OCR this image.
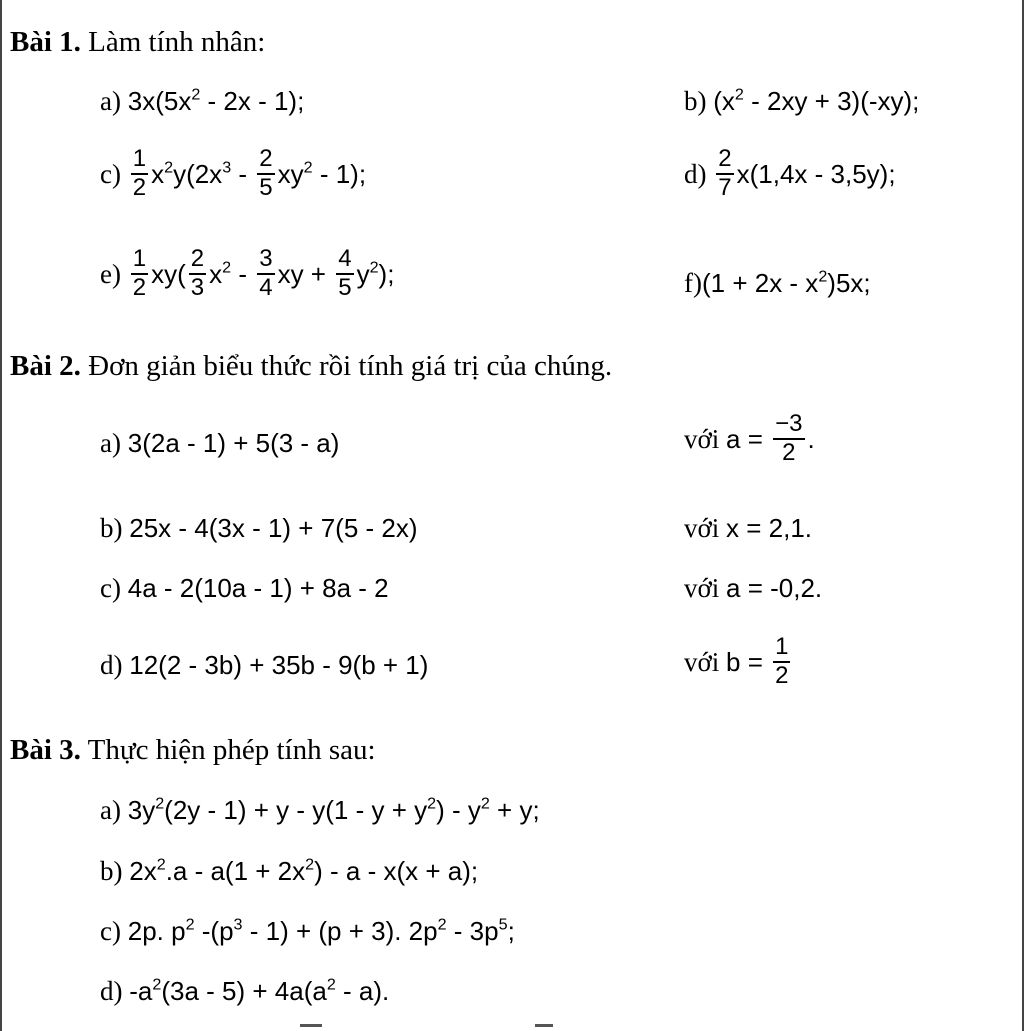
Bài 1. Làm tính nhân:
a) $3x(5x^2 - 2x - 1)$;	b) $(x^2 - 2xy + 3)(-xy)$;
$c) \frac{1}{2} x^2y(2x^3 - \frac{2}{5} xy^2 - 1)$;	$d) \frac{2}{7} x(1,4x - 3,5y)$;
$e) \frac{1}{2} xy( \frac{2}{3} x^2 - \frac{3}{4}$ xy + $\frac{4}{5} y^2$);	$f)(1 + 2x - x^2)5x$;
Bài 2. Đơn giản biểu thức rồi tính giá trị của chúng.
a) 3(2a - 1) + 5(3 - a)	với $a = \frac{-3}{2}$ .
b) 25x - 4(3x - 1) + 7(5 - 2x)	với x = 2,1.
c) 4a - 2(10a - 1) + 8a - 2	với a = -0,2.
d) 12(2 - 3b) + 35b - 9(b + 1)	với $b = \frac{1}{2}$
Bài 3. Thực hiện phép tính sau:
a) $3y^2(2y - 1) + y - y(1 - y + y^2) - y^2 + y$;
b) $2x^2.a - a(1 + 2x^2) - a - x(x + a)$;
c) 2p. $p^2$ $-(p^3 - 1) + (p + 3)$. $2p^2 - 3p^5$;
d) $-a^2(3a - 5) + 4a(a^2 - a)$.
